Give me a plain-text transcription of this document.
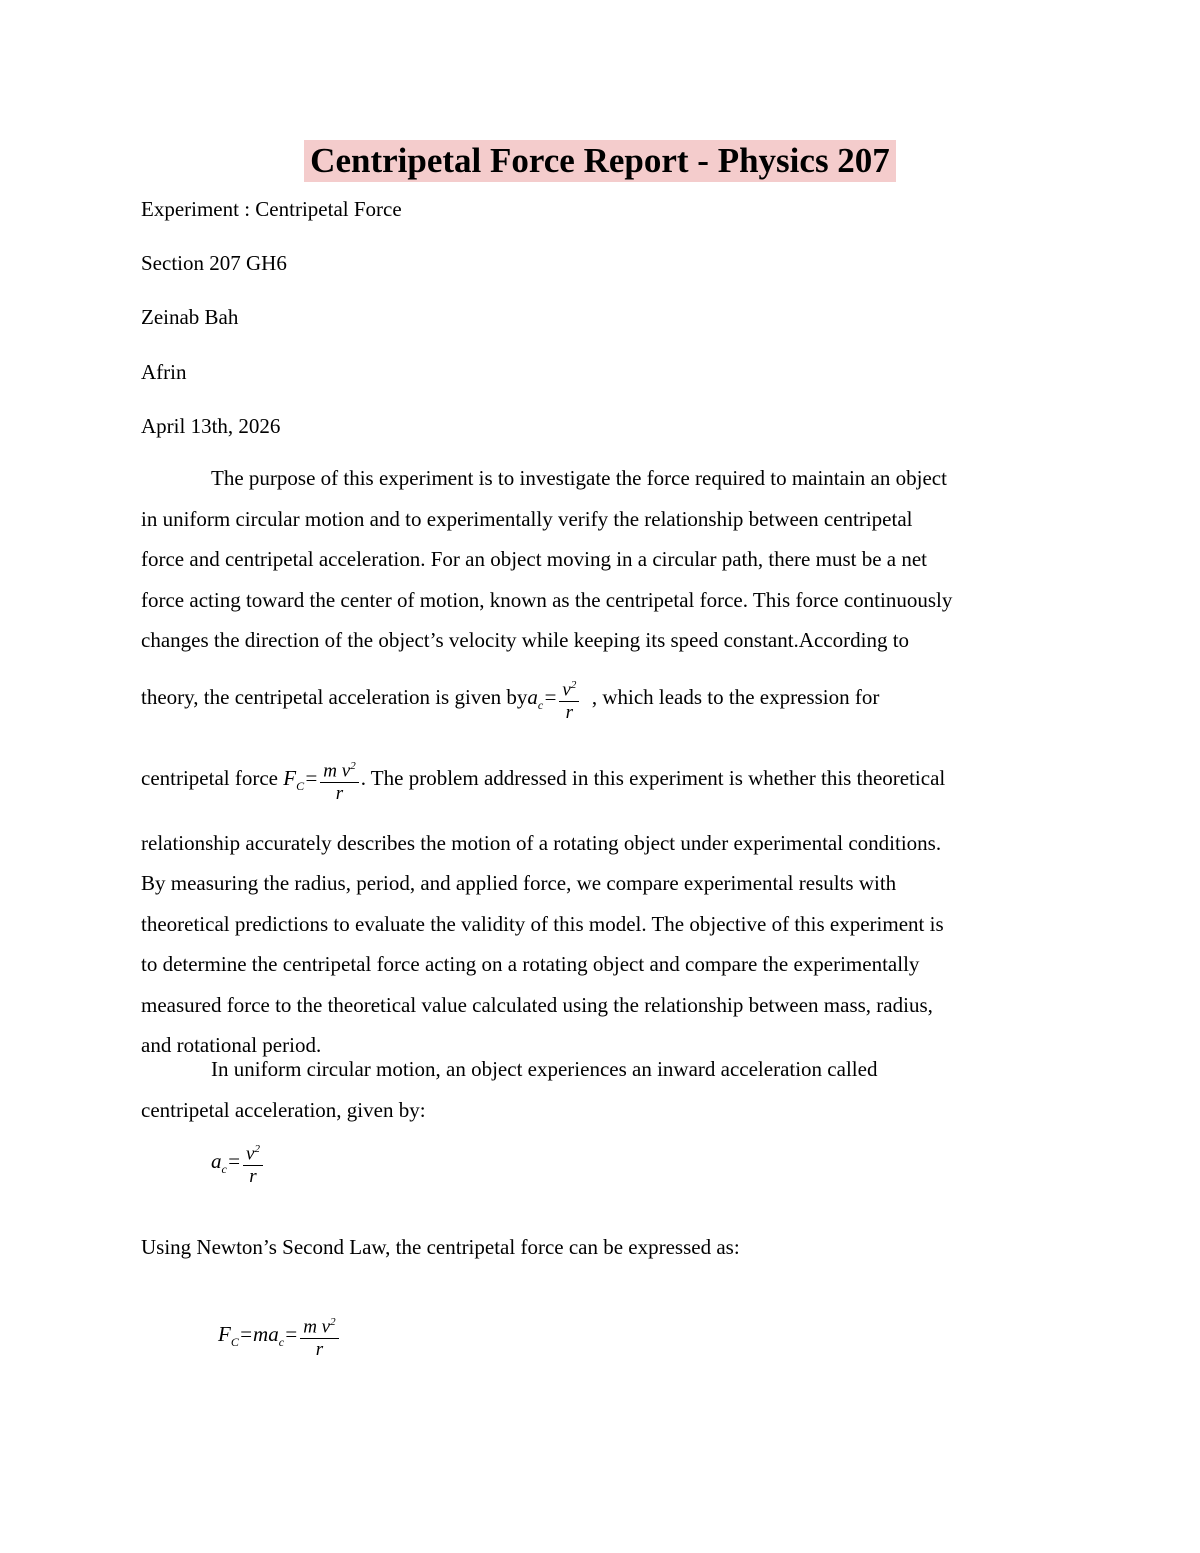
Centripetal Force Report - Physics 207
Experiment : Centripetal Force
Section 207 GH6
Zeinab Bah
Afrin
April 13th, 2026
The purpose of this experiment is to investigate the force required to maintain an object
in uniform circular motion and to experimentally verify the relationship between centripetal
force and centripetal acceleration. For an object moving in a circular path, there must be a net
force acting toward the center of motion, known as the centripetal force. This force continuously
changes the direction of the object’s velocity while keeping its speed constant.According to
theory, the centripetal acceleration is given $bya_c= \frac{v^2}{r}$ , which leads to the expression for
centripetal force $F_C= \frac{m v^2}{r}$ . The problem addressed in this experiment is whether this theoretical
relationship accurately describes the motion of a rotating object under experimental conditions.
By measuring the radius, period, and applied force, we compare experimental results with
theoretical predictions to evaluate the validity of this model. The objective of this experiment is
to determine the centripetal force acting on a rotating object and compare the experimentally
measured force to the theoretical value calculated using the relationship between mass, radius,
and rotational period.
In uniform circular motion, an object experiences an inward acceleration called
centripetal acceleration, given by:
$a_c= \frac{v^2}{r}$
Using Newton’s Second Law, the centripetal force can be expressed as:
$F_C=ma_c= \frac{m v^2}{r}$
